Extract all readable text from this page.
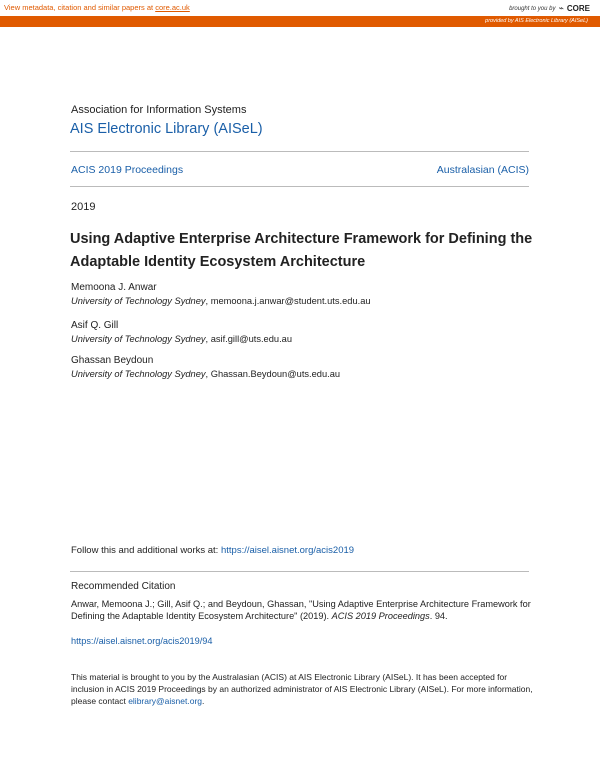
View metadata, citation and similar papers at core.ac.uk	brought to you by ⌁ CORE
provided by AIS Electronic Library (AISeL)
Association for Information Systems
AIS Electronic Library (AISeL)
ACIS 2019 Proceedings	Australasian (ACIS)
2019
Using Adaptive Enterprise Architecture Framework for Defining the Adaptable Identity Ecosystem Architecture
Memoona J. Anwar
University of Technology Sydney, memoona.j.anwar@student.uts.edu.au
Asif Q. Gill
University of Technology Sydney, asif.gill@uts.edu.au
Ghassan Beydoun
University of Technology Sydney, Ghassan.Beydoun@uts.edu.au
Follow this and additional works at: https://aisel.aisnet.org/acis2019
Recommended Citation
Anwar, Memoona J.; Gill, Asif Q.; and Beydoun, Ghassan, "Using Adaptive Enterprise Architecture Framework for Defining the Adaptable Identity Ecosystem Architecture" (2019). ACIS 2019 Proceedings. 94.
https://aisel.aisnet.org/acis2019/94
This material is brought to you by the Australasian (ACIS) at AIS Electronic Library (AISeL). It has been accepted for inclusion in ACIS 2019 Proceedings by an authorized administrator of AIS Electronic Library (AISeL). For more information, please contact elibrary@aisnet.org.
